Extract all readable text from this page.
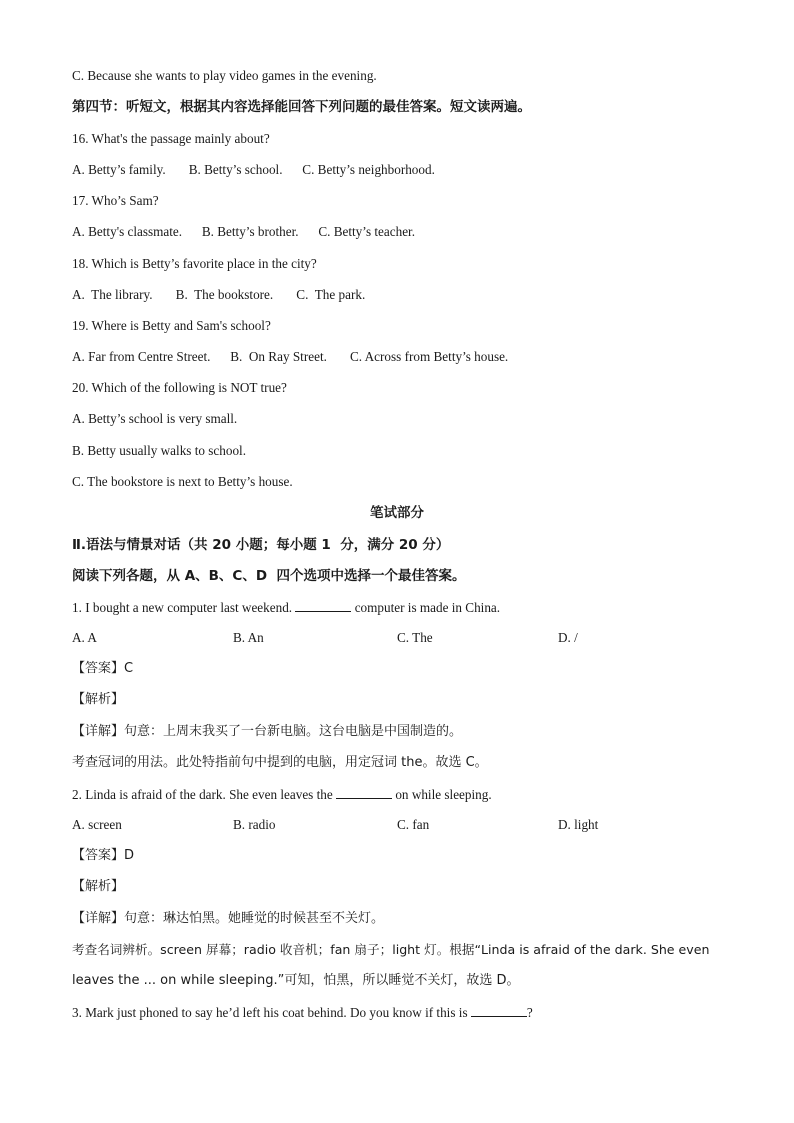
C. Because she wants to play video games in the evening.
第四节：听短文，根据其内容选择能回答下列问题的最佳答案。短文读两遍。
16. What's the passage mainly about?
A. Betty’s family.       B. Betty’s school.      C. Betty’s neighborhood.
17. Who’s Sam?
A. Betty's classmate.      B. Betty’s brother.      C. Betty’s teacher.
18. Which is Betty’s favorite place in the city?
A.  The library.       B.  The bookstore.       C.  The park.
19. Where is Betty and Sam's school?
A. Far from Centre Street.      B.  On Ray Street.       C. Across from Betty’s house.
20. Which of the following is NOT true?
A. Betty’s school is very small.
B. Betty usually walks to school.
C. The bookstore is next to Betty’s house.
笔试部分
Ⅱ.语法与情景对话（共 20 小题；每小题 1  分，满分 20 分）
阅读下列各题，从 A、B、C、D  四个选项中选择一个最佳答案。
1. I bought a new computer last weekend.	computer is made in China.
A. A	B. An	C. The	D. /
【答案】C
【解析】
【详解】句意：上周末我买了一台新电脑。这台电脑是中国制造的。
考查冠词的用法。此处特指前句中提到的电脑，用定冠词 the。故选 C。
2. Linda is afraid of the dark. She even leaves the	on while sleeping.
A. screen	B. radio	C. fan	D. light
【答案】D
【解析】
【详解】句意：琳达怕黑。她睡觉的时候甚至不关灯。
考查名词辨析。screen 屏幕；radio 收音机；fan 扇子；light 灯。根据“Linda is afraid of the dark. She even
leaves the ... on while sleeping.”可知，怕黑，所以睡觉不关灯，故选 D。
3. Mark just phoned to say he’d left his coat behind. Do you know if this is	?
